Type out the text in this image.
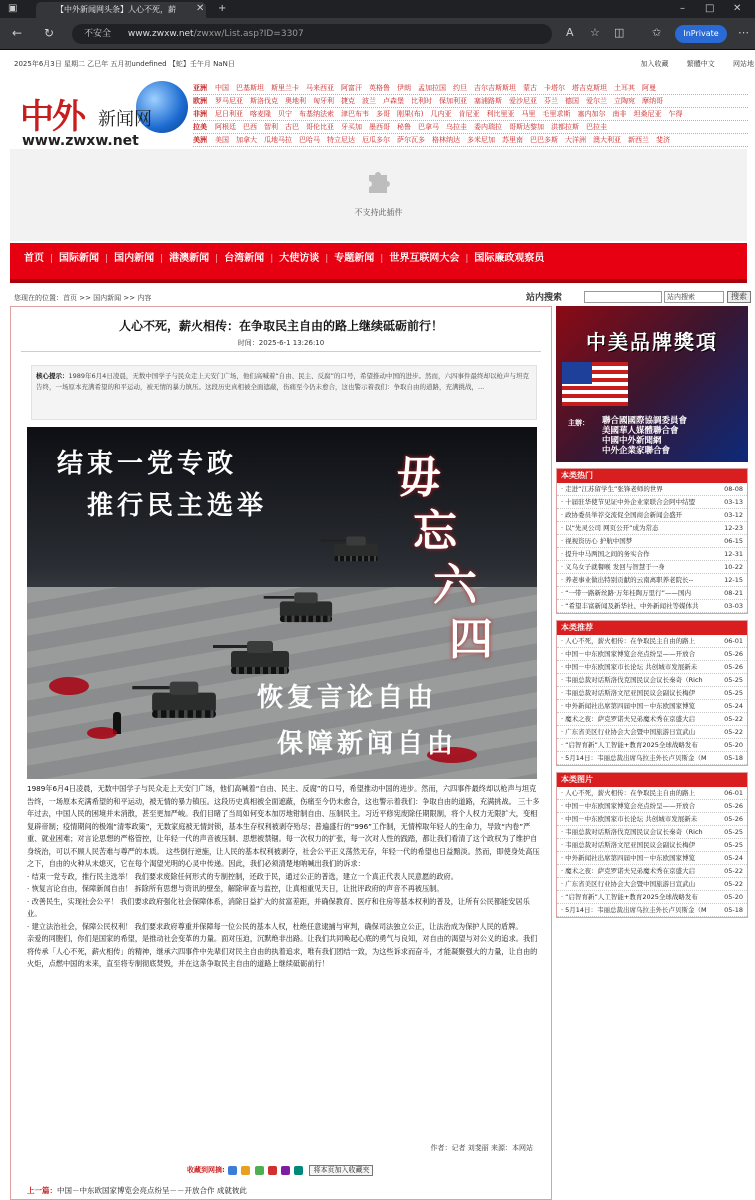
▣	【中外新闻网头条】人心不死，薪	✕ +	– □ ✕
← ↻	不安全 www.zwxw.net/zwxw/List.asp?ID=3307	A ☆ ◫	✩	InPrivate	⋯
2025年6月3日 星期二 乙巳年 五月初undefined 【蛇】壬午月 NaN日	加入收藏	繁體中文	网站地
中外 新闻网
www.zwxw.net
亚洲	中国 巴基斯坦 斯里兰卡 马来西亚 阿富汗 英格鲁 伊朗 孟加拉国 约旦 吉尔吉斯斯坦 蒙古 卡塔尔 塔吉克斯坦 土耳其 阿曼
欧洲	罗马尼亚 斯洛伐克 奥地利 匈牙利 捷克 波兰 卢森堡 比利时 保加利亚 塞浦路斯 爱沙尼亚 芬兰 德国 爱尔兰 立陶宛 摩纳哥
非洲	尼日利亚 喀麦隆 贝宁 布基纳法索 津巴布韦 多哥 刚果(布) 几内亚 肯尼亚 利比里亚 马里 毛里求斯 塞内加尔 南非 坦桑尼亚 乍得
拉美	阿根廷 巴西 智利 古巴 哥伦比亚 牙买加 墨西哥 秘鲁 巴拿马 乌拉圭 委内瑞拉 哥斯达黎加 洪都拉斯 巴拉圭
美洲	美国 加拿大 瓜地马拉 巴哈马 特立尼达 厄瓜多尔 萨尔瓦多 格林纳达 多米尼加 苏里南 巴巴多斯 大洋洲 澳大利亚 新西兰 斐济
不支持此插件
首页 | 国际新闻 | 国内新闻 | 港澳新闻 | 台湾新闻 | 大使访谈 | 专题新闻 | 世界互联网大会 | 国际廉政观察员
您现在的位置：首页 >> 国内新闻 >> 内容	站内搜索	站内搜索	搜索
人心不死，薪火相传：在争取民主自由的路上继续砥砺前行！
时间：2025-6-1 13:26:10
核心提示：1989年6月4日凌晨，无数中国学子与民众走上天安门广场，他们高喊着“自由、民主、反腐”的口号，希望推动中国的进步。然而，六四事件最终却以枪声与坦克告终，一场原本充满希望的和平运动，被无情的暴力镇压。这段历史真相被全面遮蔽，伤痛至今仍未愈合，这也警示着我们：争取自由的道路，充满挑战，...
结束一党专政
推行民主选举
毋
忘
六
四
恢复言论自由
保障新闻自由

1989年6月4日凌晨，无数中国学子与民众走上天安门广场，他们高喊着“自由、民主、反腐”的口号，希望推动中国的进步。然而，六四事件最终却以枪声与坦克告终，一场原本充满希望的和平运动，被无情的暴力镇压。这段历史真相被全面遮蔽，伤痛至今仍未愈合，这也警示着我们：争取自由的道路，充满挑战。 三十多年过去，中国人民的困境并未消散，甚至更加严峻。我们目睹了当局如何变本加厉地钳制自由、压制民主。习近平修宪废除任期限制，将个人权力无限扩大，变相复辟帝制；疫情期间的极端“清零政策”，无数家庭被无情封锁，基本生存权利被剥夺殆尽；普遍盛行的“996”工作制，无情榨取年轻人的生命力，导致“内卷”严重、就业困难；对言论思想的严格管控，让年轻一代的声音被压制、思想被禁锢。每一次权力的扩张，每一次对人性的践踏，都让我们看清了这个政权为了维护自身统治，可以不顾人民苦难与尊严的本质。 这些倒行逆施，让人民的基本权利被剥夺，社会公平正义荡然无存，年轻一代的希望也日益黯淡。然而，即使身处高压之下，自由的火种从未熄灭，它在每个渴望光明的心灵中传递。因此，我们必须清楚地呐喊出我们的诉求：

· 结束一党专政，推行民主选举！ 我们要求废除任何形式的专制控制，还政于民，通过公正的普选，建立一个真正代表人民意愿的政府。

· 恢复言论自由，保障新闻自由！ 拆除所有思想与资讯的壁垒，解除审查与监控，让真相重见天日，让批评政府的声音不再被压制。

· 改善民生，实现社会公平！ 我们要求政府强化社会保障体系，消除日益扩大的贫富差距，并确保教育、医疗和住房等基本权利的普及，让所有公民都能安居乐业。

· 建立法治社会，保障公民权利！ 我们要求政府尊重并保障每一位公民的基本人权，杜绝任意逮捕与审判，确保司法独立公正，让法治成为保护人民的盾牌。

亲爱的同胞们，你们是国家的希望，是推动社会变革的力量。面对压迫，沉默绝非出路。让我们共同唤起心底的勇气与良知，对自由的渴望与对公义的追求。我们将传承「人心不死，薪火相传」的精神，继承六四事件中先辈们对民主自由的执着追求，唯有我们团结一致，为这些诉求而奋斗，才能凝聚强大的力量，让自由的火炬，点燃中国的未来，直至将专制彻底焚毁，并在这条争取民主自由的道路上继续砥砺前行！

作者：记者 刘斐丽 来源：本网站
收藏到网摘:	将本页加入收藏夹
上一篇：中国－中东欧国家博览会亮点纷呈－－开放合作 成就彼此
中美品牌獎項
主辦： 聯合國國際協調委員會
美國華人媒體聯合會
中國中外新聞網
中外企業家聯合會
本类热门
· 走进“江苏留学生”张锋老师的世界	08-08
· 十届驻华使节见证中外企业家联合会阿中结盟	03-13
· 政协委员举荐交流促全国商会新闻会盛开	03-12
· 以“先灵公司 网页公开”成为常态	12-23
· 视视资历心 护航中国梦	06-15
· 提升中马两国之间的务实合作	12-31
· 义乌女子就餐喉 发回与智慧于一身	10-22
· 养老事业做出特别贡献的云南离职养老院长--	12-15
· “一带一路新丝路·万年桂陶万里行”——国内	08-21
· “希望丰富新闻及新华社、中外新闻社等媒体共	03-03
本类推荐
· 人心不死，薪火相传：在争取民主自由的路上	06-01
· 中国－中东欧国家博览会亮点纷呈——开放合	05-26
· 中国－中东欧国家市长论坛 共创城市发展新未	05-26
· 韦丽总裁对话斯洛伐克国民议会议长秦奇（Rich	05-25
· 韦丽总裁对话斯洛文尼亚国民议会副议长梅伊	05-25
· 中外新闻社出席第四届中国－中东欧国家博览	05-24
· 魔术之夜：萨克罗诺夫兄弟魔术秀在京盛大启	05-22
· 广东省美区行业协会大会暨中国旅游日宣武山	05-22
· “启智育新”人工智能+教育2025全球战略发布	05-20
· 5月14日：韦丽总裁出席乌拉圭外长卢贝斯金（M	05-18
本类图片
· 人心不死，薪火相传：在争取民主自由的路上	06-01
· 中国－中东欧国家博览会亮点纷呈——开放合	05-26
· 中国－中东欧国家市长论坛 共创城市发展新未	05-26
· 韦丽总裁对话斯洛伐克国民议会议长秦奇（Rich	05-25
· 韦丽总裁对话斯洛文尼亚国民议会副议长梅伊	05-25
· 中外新闻社出席第四届中国－中东欧国家博览	05-24
· 魔术之夜：萨克罗诺夫兄弟魔术秀在京盛大启	05-22
· 广东省美区行业协会大会暨中国旅游日宣武山	05-22
· “启智育新”人工智能+教育2025全球战略发布	05-20
· 5月14日：韦丽总裁出席乌拉圭外长卢贝斯金（M	05-18
